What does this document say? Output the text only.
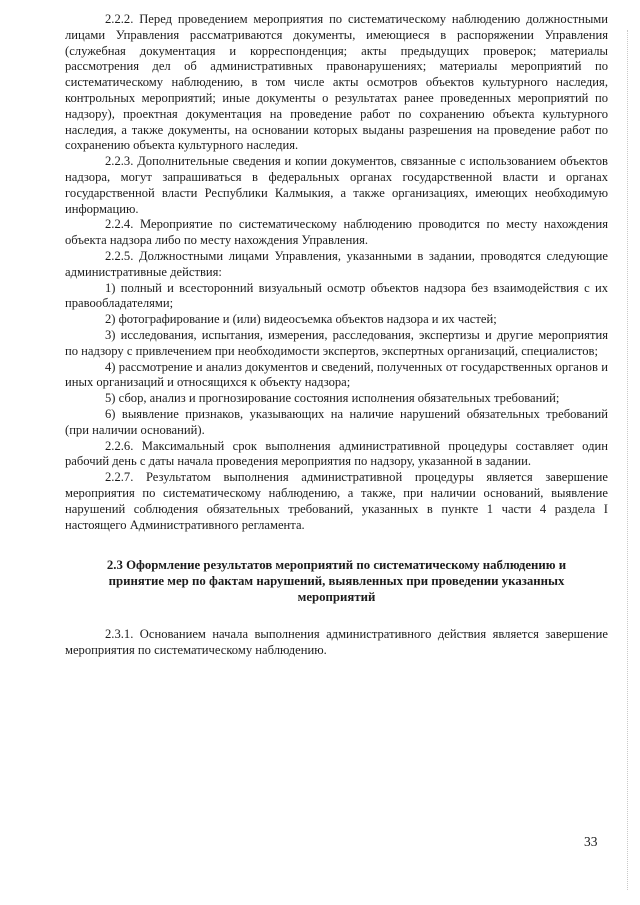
2.2.2. Перед проведением мероприятия по систематическому наблюдению должностными лицами Управления рассматриваются документы, имеющиеся в распоряжении Управления (служебная документация и корреспонденция; акты предыдущих проверок; материалы рассмотрения дел об административных правонарушениях; материалы мероприятий по систематическому наблюдению, в том числе акты осмотров объектов культурного наследия, контрольных мероприятий; иные документы о результатах ранее проведенных мероприятий по надзору), проектная документация на проведение работ по сохранению объекта культурного наследия, а также документы, на основании которых выданы разрешения на проведение работ по сохранению объекта культурного наследия.

2.2.3. Дополнительные сведения и копии документов, связанные с использованием объектов надзора, могут запрашиваться в федеральных органах государственной власти и органах государственной власти Республики Калмыкия, а также организациях, имеющих необходимую информацию.

2.2.4. Мероприятие по систематическому наблюдению проводится по месту нахождения объекта надзора либо по месту нахождения Управления.

2.2.5. Должностными лицами Управления, указанными в задании, проводятся следующие административные действия:

1) полный и всесторонний визуальный осмотр объектов надзора без взаимодействия с их правообладателями;

2) фотографирование и (или) видеосъемка объектов надзора и их частей;

3) исследования, испытания, измерения, расследования, экспертизы и другие мероприятия по надзору с привлечением при необходимости экспертов, экспертных организаций, специалистов;

4) рассмотрение и анализ документов и сведений, полученных от государственных органов и иных организаций и относящихся к объекту надзора;

5) сбор, анализ и прогнозирование состояния исполнения обязательных требований;

6) выявление признаков, указывающих на наличие нарушений обязательных требований (при наличии оснований).

2.2.6. Максимальный срок выполнения административной процедуры составляет один рабочий день с даты начала проведения мероприятия по надзору, указанной в задании.

2.2.7. Результатом выполнения административной процедуры является завершение мероприятия по систематическому наблюдению, а также, при наличии оснований, выявление нарушений соблюдения обязательных требований, указанных в пункте 1 части 4 раздела I настоящего Административного регламента.

2.3 Оформление результатов мероприятий по систематическому наблюдению и
принятие мер по фактам нарушений, выявленных при проведении указанных
мероприятий

2.3.1. Основанием начала выполнения административного действия является завершение мероприятия по систематическому наблюдению.

33
